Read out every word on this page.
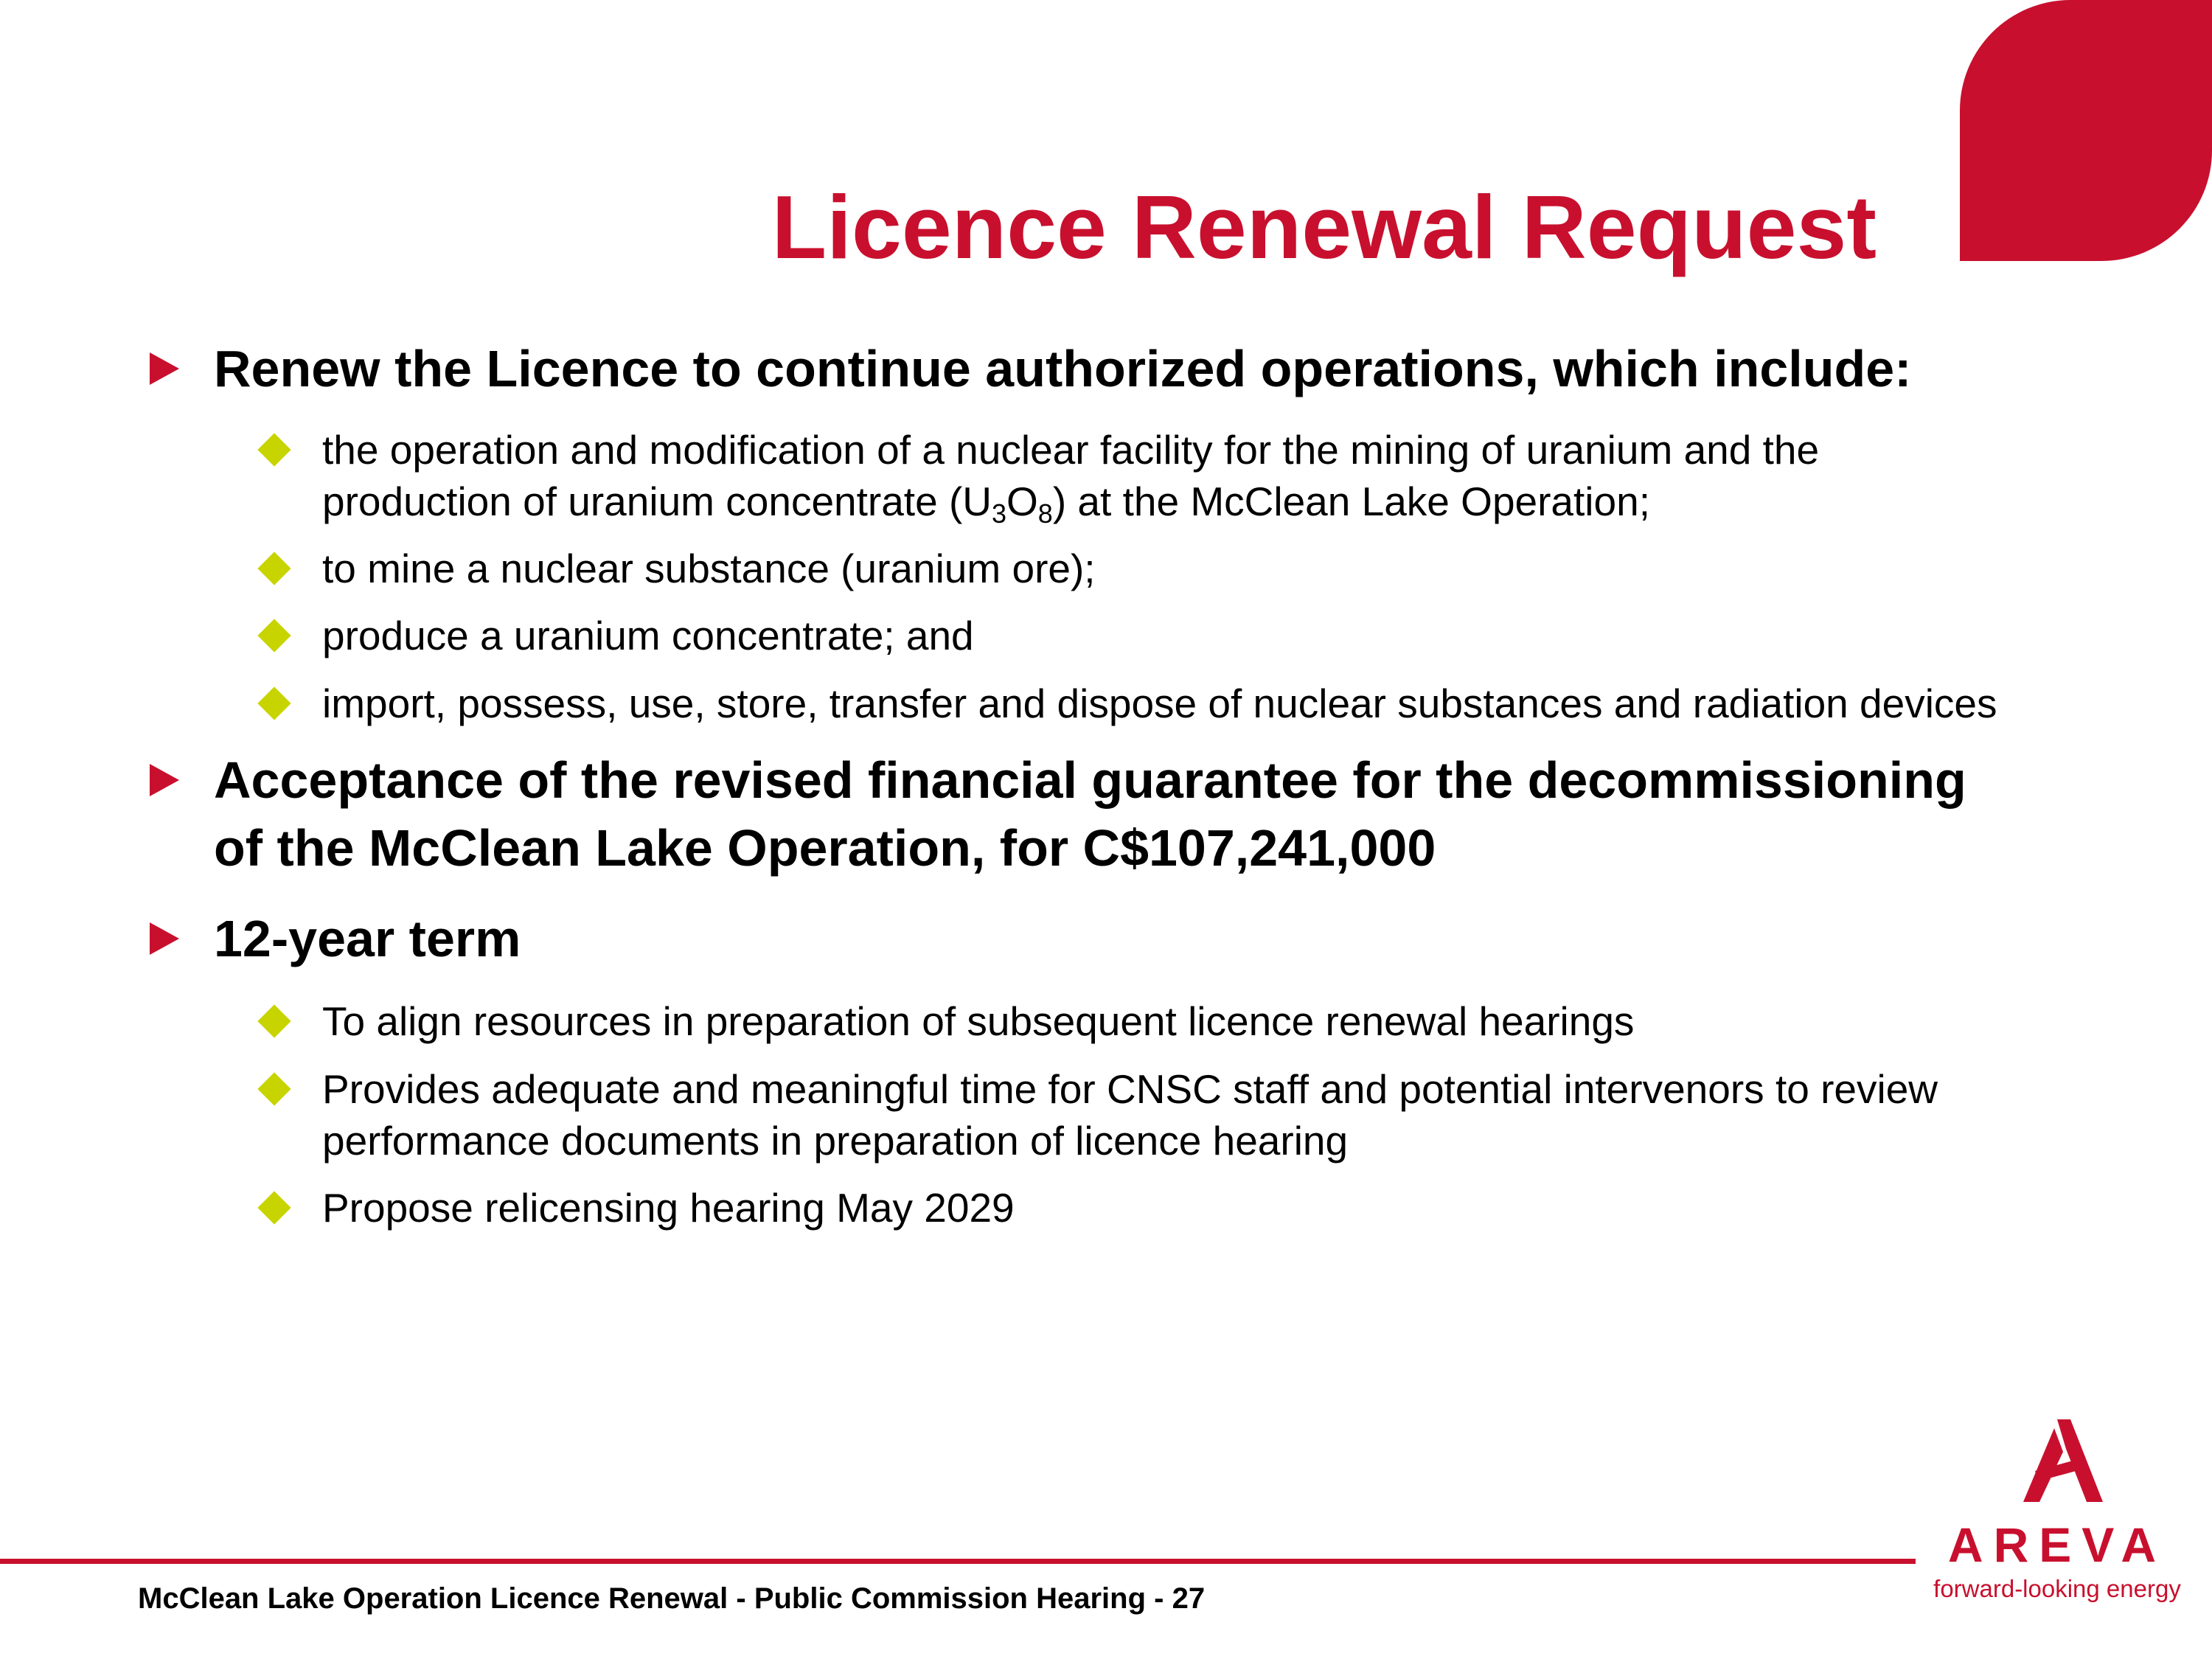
Licence Renewal Request
Renew the Licence to continue authorized operations, which include:
the operation and modification of a nuclear facility for the mining of uranium and the
production of uranium concentrate $(U_3O_8)$ at the McClean Lake Operation;
to mine a nuclear substance (uranium ore);
produce a uranium concentrate; and
import, possess, use, store, transfer and dispose of nuclear substances and radiation devices
Acceptance of the revised financial guarantee for the decommissioning
of the McClean Lake Operation, for C$107,241,000
12-year term
To align resources in preparation of subsequent licence renewal hearings
Provides adequate and meaningful time for CNSC staff and potential intervenors to review
performance documents in preparation of licence hearing
Propose relicensing hearing May 2029
McClean Lake Operation Licence Renewal - Public Commission Hearing - 27
AREVA
forward-looking energy
